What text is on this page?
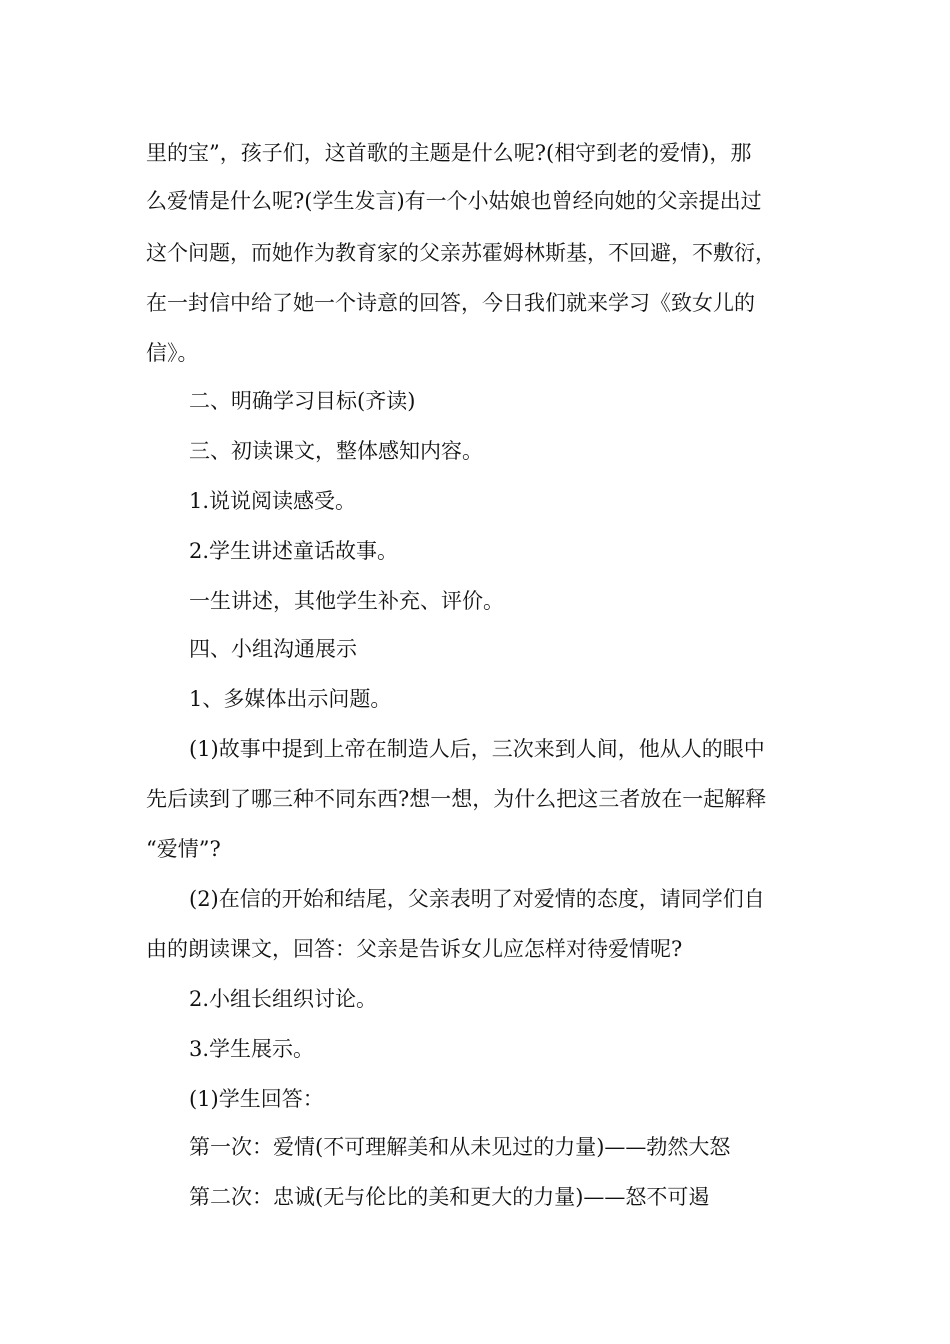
里的宝”，孩子们，这首歌的主题是什么呢?(相守到老的爱情)，那
么爱情是什么呢?(学生发言)有一个小姑娘也曾经向她的父亲提出过
这个问题，而她作为教育家的父亲苏霍姆林斯基，不回避，不敷衍，
在一封信中给了她一个诗意的回答，今日我们就来学习《致女儿的
信》。
二、明确学习目标(齐读)
三、初读课文，整体感知内容。
1.说说阅读感受。
2.学生讲述童话故事。
一生讲述，其他学生补充、评价。
四、小组沟通展示
1、多媒体出示问题。
(1)故事中提到上帝在制造人后，三次来到人间，他从人的眼中
先后读到了哪三种不同东西?想一想，为什么把这三者放在一起解释
“爱情”?
(2)在信的开始和结尾，父亲表明了对爱情的态度，请同学们自
由的朗读课文，回答：父亲是告诉女儿应怎样对待爱情呢?
2.小组长组织讨论。
3.学生展示。
(1)学生回答：
第一次：爱情(不可理解美和从未见过的力量)——勃然大怒
第二次：忠诚(无与伦比的美和更大的力量)——怒不可遏
